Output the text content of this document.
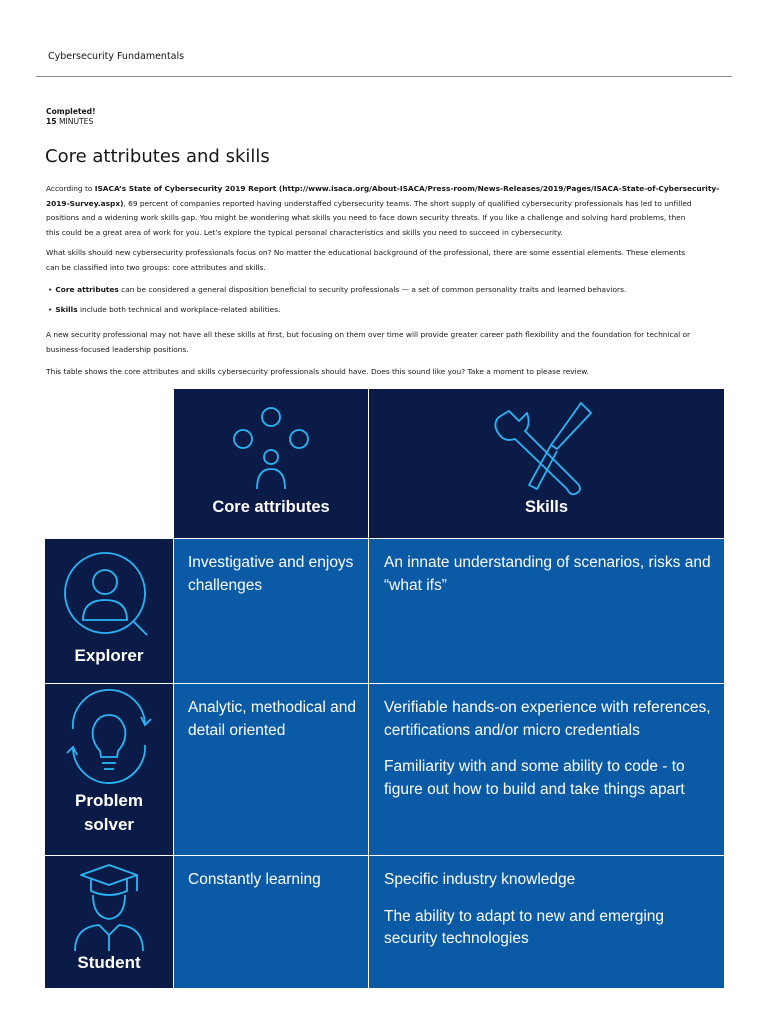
Cybersecurity Fundamentals
Completed!
15 MINUTES
Core attributes and skills
According to ISACA’s State of Cybersecurity 2019 Report (http://www.isaca.org/About-ISACA/Press-room/News-Releases/2019/Pages/ISACA-State-of-Cybersecurity-
2019-Survey.aspx), 69 percent of companies reported having understaffed cybersecurity teams. The short supply of qualified cybersecurity professionals has led to unfilled
positions and a widening work skills gap. You might be wondering what skills you need to face down security threats. If you like a challenge and solving hard problems, then
this could be a great area of work for you. Let’s explore the typical personal characteristics and skills you need to succeed in cybersecurity.
What skills should new cybersecurity professionals focus on? No matter the educational background of the professional, there are some essential elements. These elements
can be classified into two groups: core attributes and skills.
• Core attributes can be considered a general disposition beneficial to security professionals — a set of common personality traits and learned behaviors.
• Skills include both technical and workplace-related abilities.
A new security professional may not have all these skills at first, but focusing on them over time will provide greater career path flexibility and the foundation for technical or
business-focused leadership positions.
This table shows the core attributes and skills cybersecurity professionals should have. Does this sound like you? Take a moment to please review.
Core attributes	Skills
Explorer
Investigative and enjoys challenges

An innate understanding of scenarios, risks and “what ifs”

Problem solver
Analytic, methodical and detail oriented

Verifiable hands-on experience with references, certifications and/or micro credentials

Familiarity with and some ability to code - to figure out how to build and take things apart

Student
Constantly learning	Specific industry knowledge

The ability to adapt to new and emerging security technologies
